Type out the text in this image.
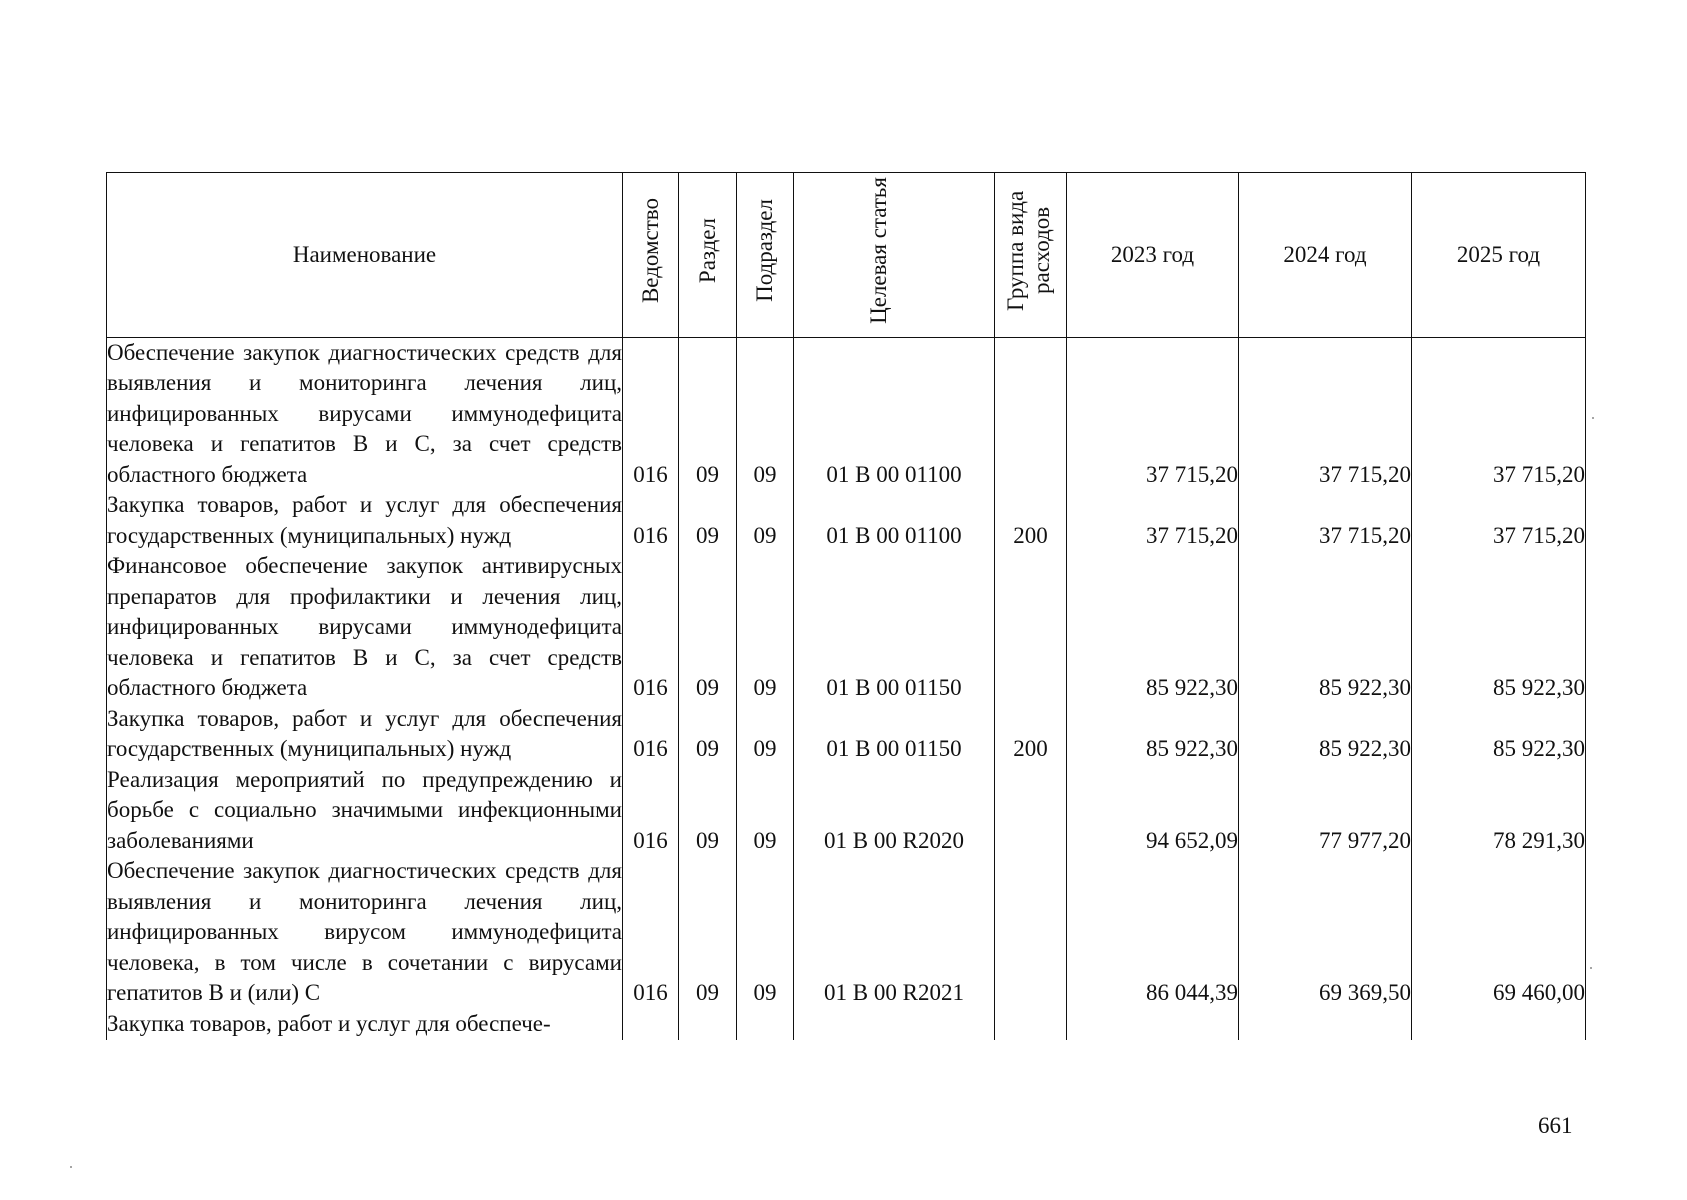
Наименование	Ведомство	Раздел	Подраздел	Целевая статья	Группа вида расходов	2023 год	2024 год	2025 год
Обеспечение закупок диагностических средств для выявления и мониторинга лечения лиц, инфицированных вирусами иммунодефицита человека и гепатитов В и С, за счет средств областного бюджета	016	09	09	01 В 00 01100		37 715,20	37 715,20	37 715,20
Закупка товаров, работ и услуг для обеспечения государственных (муниципальных) нужд	016	09	09	01 В 00 01100	200	37 715,20	37 715,20	37 715,20
Финансовое обеспечение закупок антивирусных препаратов для профилактики и лечения лиц, инфицированных вирусами иммунодефицита человека и гепатитов В и С, за счет средств областного бюджета	016	09	09	01 В 00 01150		85 922,30	85 922,30	85 922,30
Закупка товаров, работ и услуг для обеспечения государственных (муниципальных) нужд	016	09	09	01 В 00 01150	200	85 922,30	85 922,30	85 922,30
Реализация мероприятий по предупреждению и борьбе с социально значимыми инфекционными заболеваниями	016	09	09	01 В 00 R2020		94 652,09	77 977,20	78 291,30
Обеспечение закупок диагностических средств для выявления и мониторинга лечения лиц, инфицированных вирусом иммунодефицита человека, в том числе в сочетании с вирусами гепатитов В и (или) С	016	09	09	01 В 00 R2021		86 044,39	69 369,50	69 460,00
Закупка товаров, работ и услуг для обеспече-								
661
